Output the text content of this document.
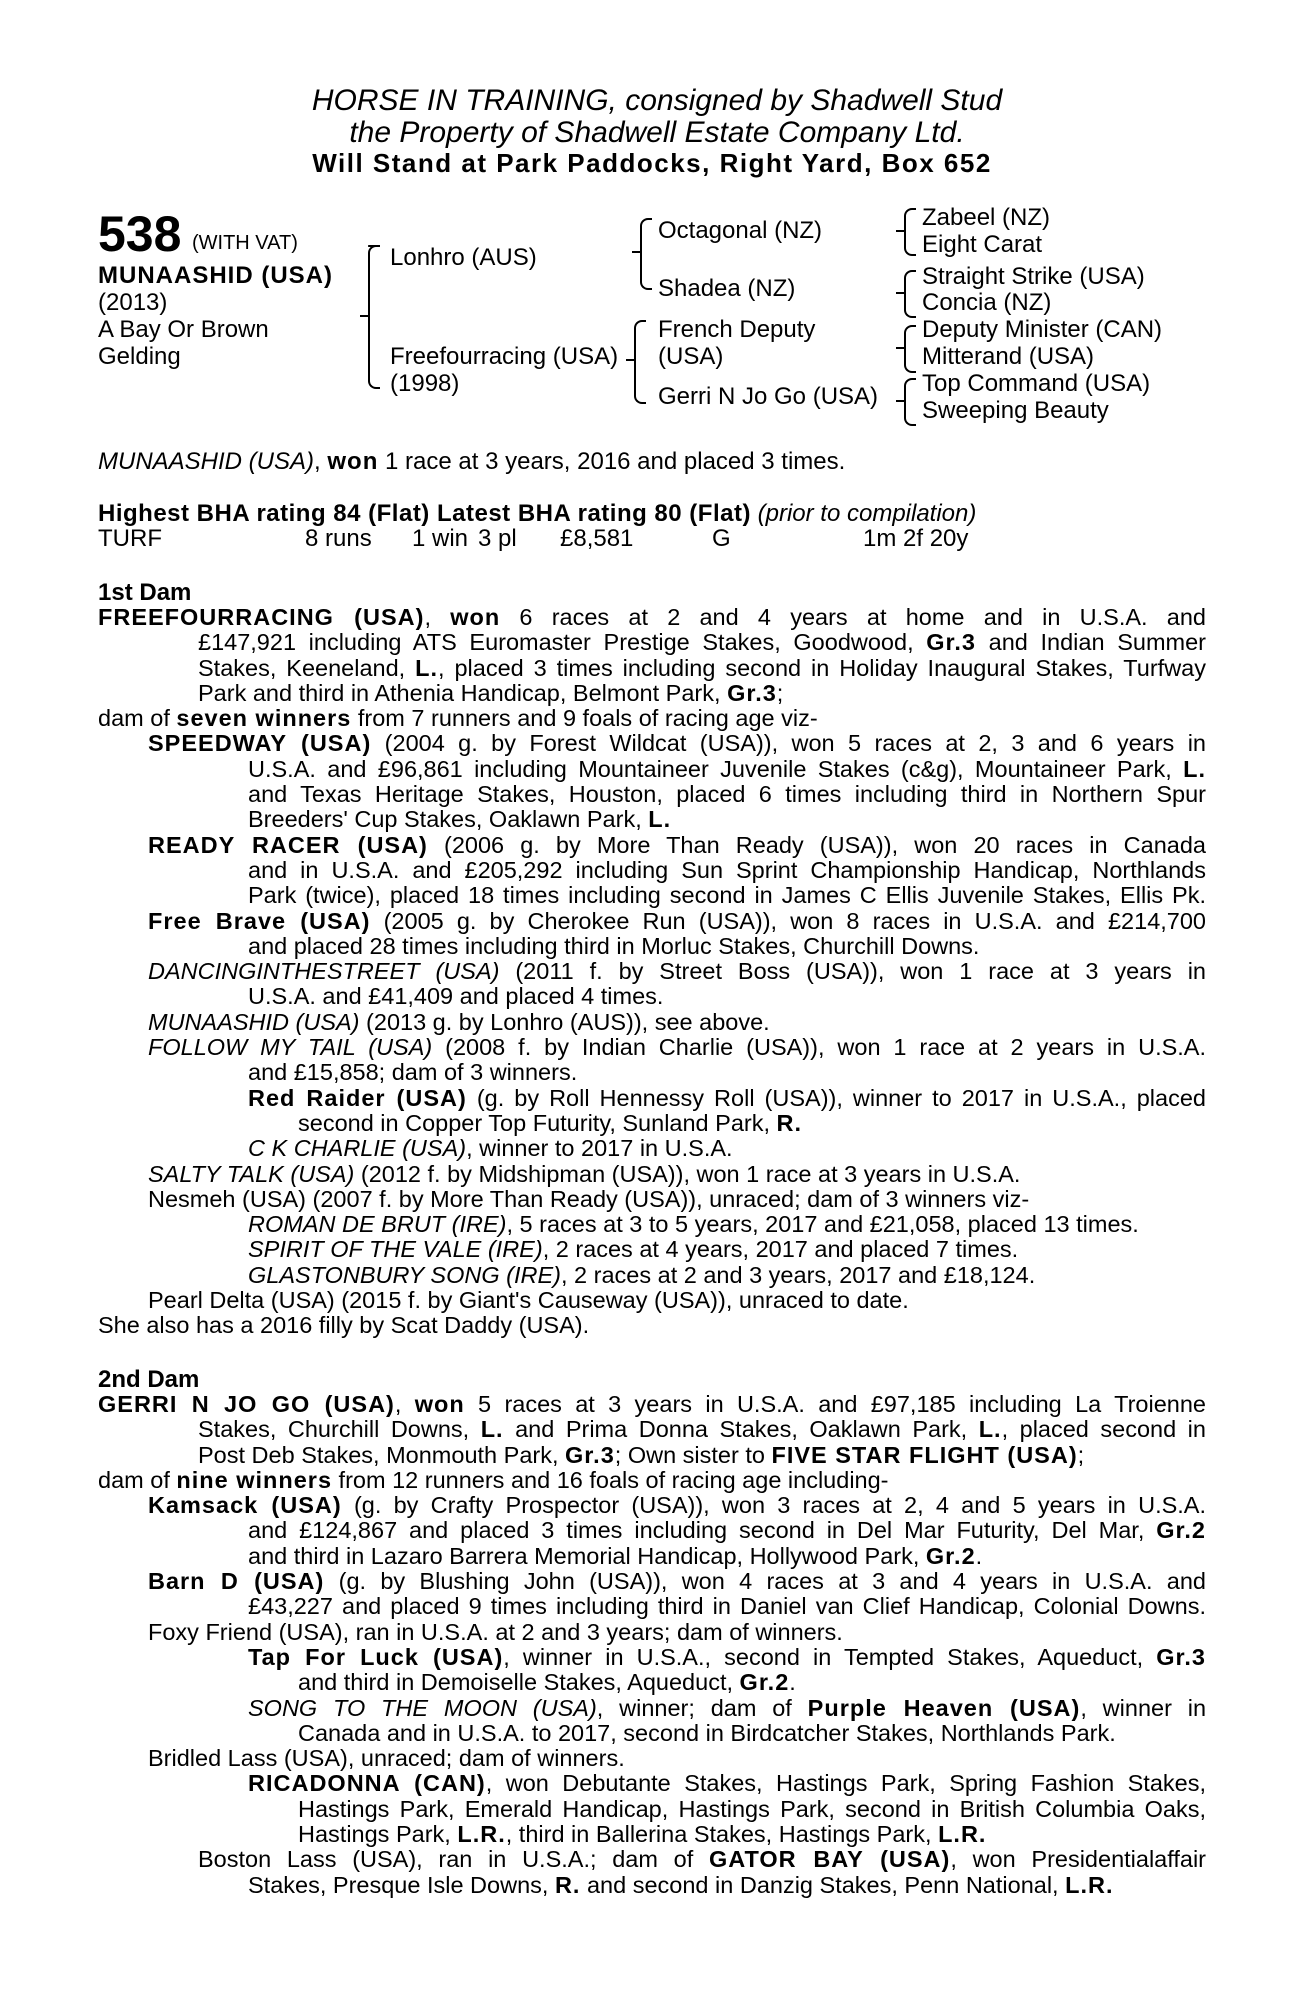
HORSE IN TRAINING, consigned by Shadwell Stud
the Property of Shadwell Estate Company Ltd.
Will Stand at Park Paddocks, Right Yard, Box 652
538 (WITH VAT)
MUNAASHID (USA)
(2013)
A Bay Or Brown
Gelding
Lonhro (AUS)
Freefourracing (USA)
(1998)
Octagonal (NZ)
Shadea (NZ)
French Deputy
(USA)
Gerri N Jo Go (USA)
Zabeel (NZ)
Eight Carat
Straight Strike (USA)
Concia (NZ)
Deputy Minister (CAN)
Mitterand (USA)
Top Command (USA)
Sweeping Beauty
MUNAASHID (USA), won 1 race at 3 years, 2016 and placed 3 times.
Highest BHA rating 84 (Flat) Latest BHA rating 80 (Flat) (prior to compilation)
TURF	8 runs 1 win 3 pl £8,581	G	1m 2f 20y
1st Dam
FREEFOURRACING (USA), won 6 races at 2 and 4 years at home and in U.S.A. and
£147,921 including ATS Euromaster Prestige Stakes, Goodwood, Gr.3 and Indian Summer
Stakes, Keeneland, L., placed 3 times including second in Holiday Inaugural Stakes, Turfway
Park and third in Athenia Handicap, Belmont Park, Gr.3;
dam of seven winners from 7 runners and 9 foals of racing age viz-
SPEEDWAY (USA) (2004 g. by Forest Wildcat (USA)), won 5 races at 2, 3 and 6 years in
U.S.A. and £96,861 including Mountaineer Juvenile Stakes (c&g), Mountaineer Park, L.
and Texas Heritage Stakes, Houston, placed 6 times including third in Northern Spur
Breeders' Cup Stakes, Oaklawn Park, L.
READY RACER (USA) (2006 g. by More Than Ready (USA)), won 20 races in Canada
and in U.S.A. and £205,292 including Sun Sprint Championship Handicap, Northlands
Park (twice), placed 18 times including second in James C Ellis Juvenile Stakes, Ellis Pk.
Free Brave (USA) (2005 g. by Cherokee Run (USA)), won 8 races in U.S.A. and £214,700
and placed 28 times including third in Morluc Stakes, Churchill Downs.
DANCINGINTHESTREET (USA) (2011 f. by Street Boss (USA)), won 1 race at 3 years in
U.S.A. and £41,409 and placed 4 times.
MUNAASHID (USA) (2013 g. by Lonhro (AUS)), see above.
FOLLOW MY TAIL (USA) (2008 f. by Indian Charlie (USA)), won 1 race at 2 years in U.S.A.
and £15,858; dam of 3 winners.
Red Raider (USA) (g. by Roll Hennessy Roll (USA)), winner to 2017 in U.S.A., placed
second in Copper Top Futurity, Sunland Park, R.
C K CHARLIE (USA), winner to 2017 in U.S.A.
SALTY TALK (USA) (2012 f. by Midshipman (USA)), won 1 race at 3 years in U.S.A.
Nesmeh (USA) (2007 f. by More Than Ready (USA)), unraced; dam of 3 winners viz-
ROMAN DE BRUT (IRE), 5 races at 3 to 5 years, 2017 and £21,058, placed 13 times.
SPIRIT OF THE VALE (IRE), 2 races at 4 years, 2017 and placed 7 times.
GLASTONBURY SONG (IRE), 2 races at 2 and 3 years, 2017 and £18,124.
Pearl Delta (USA) (2015 f. by Giant's Causeway (USA)), unraced to date.
She also has a 2016 filly by Scat Daddy (USA).
2nd Dam
GERRI N JO GO (USA), won 5 races at 3 years in U.S.A. and £97,185 including La Troienne
Stakes, Churchill Downs, L. and Prima Donna Stakes, Oaklawn Park, L., placed second in
Post Deb Stakes, Monmouth Park, Gr.3; Own sister to FIVE STAR FLIGHT (USA);
dam of nine winners from 12 runners and 16 foals of racing age including-
Kamsack (USA) (g. by Crafty Prospector (USA)), won 3 races at 2, 4 and 5 years in U.S.A.
and £124,867 and placed 3 times including second in Del Mar Futurity, Del Mar, Gr.2
and third in Lazaro Barrera Memorial Handicap, Hollywood Park, Gr.2.
Barn D (USA) (g. by Blushing John (USA)), won 4 races at 3 and 4 years in U.S.A. and
£43,227 and placed 9 times including third in Daniel van Clief Handicap, Colonial Downs.
Foxy Friend (USA), ran in U.S.A. at 2 and 3 years; dam of winners.
Tap For Luck (USA), winner in U.S.A., second in Tempted Stakes, Aqueduct, Gr.3
and third in Demoiselle Stakes, Aqueduct, Gr.2.
SONG TO THE MOON (USA), winner; dam of Purple Heaven (USA), winner in
Canada and in U.S.A. to 2017, second in Birdcatcher Stakes, Northlands Park.
Bridled Lass (USA), unraced; dam of winners.
RICADONNA (CAN), won Debutante Stakes, Hastings Park, Spring Fashion Stakes,
Hastings Park, Emerald Handicap, Hastings Park, second in British Columbia Oaks,
Hastings Park, L.R., third in Ballerina Stakes, Hastings Park, L.R.
Boston Lass (USA), ran in U.S.A.; dam of GATOR BAY (USA), won Presidentialaffair
Stakes, Presque Isle Downs, R. and second in Danzig Stakes, Penn National, L.R.
